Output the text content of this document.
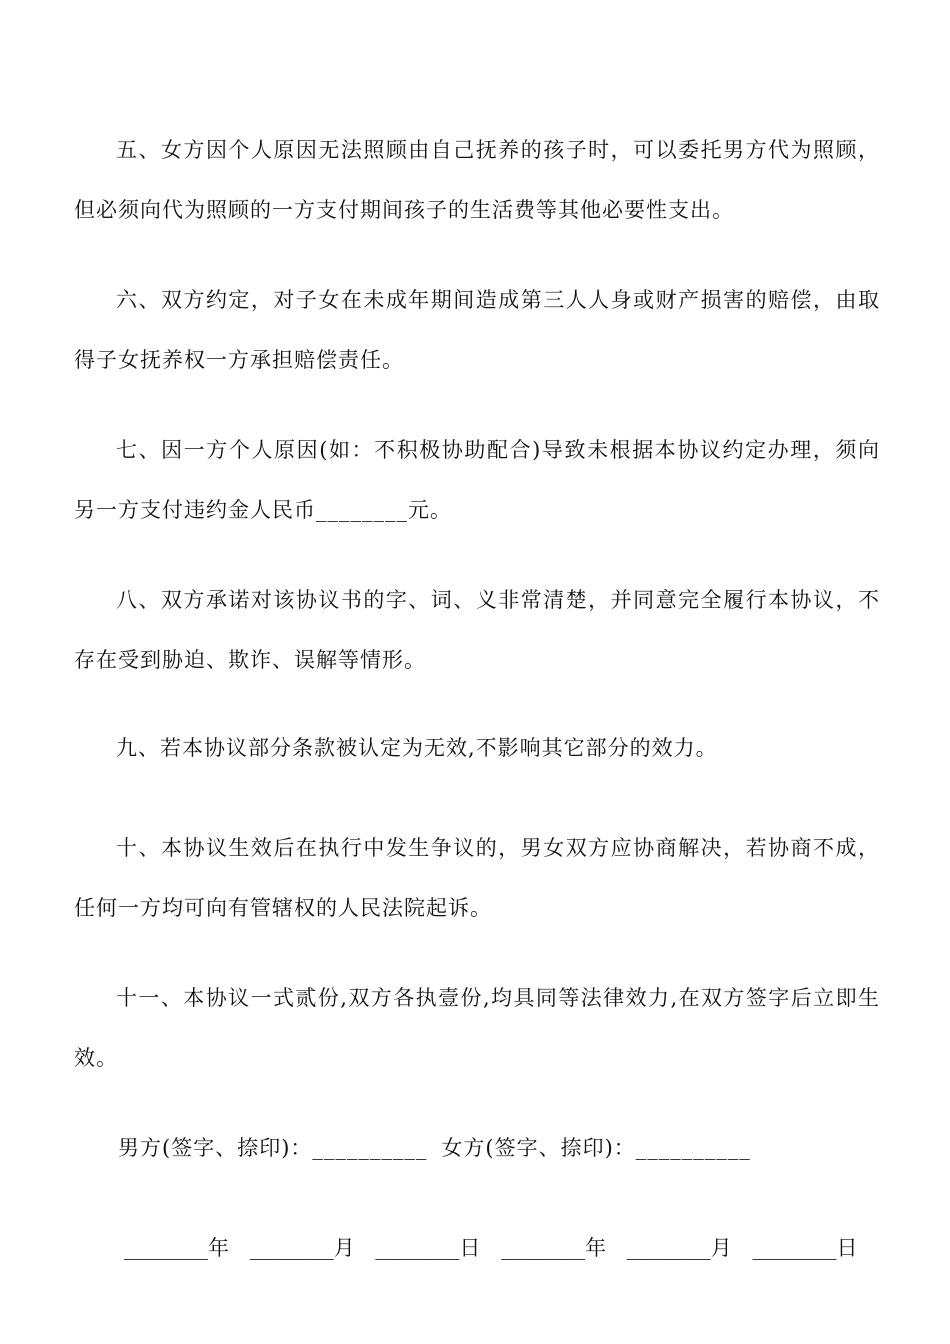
五、女方因个人原因无法照顾由自己抚养的孩子时，可以委托男方代为照顾，但必须向代为照顾的一方支付期间孩子的生活费等其他必要性支出。

六、双方约定，对子女在未成年期间造成第三人人身或财产损害的赔偿，由取得子女抚养权一方承担赔偿责任。

七、因一方个人原因(如：不积极协助配合)导致未根据本协议约定办理，须向另一方支付违约金人民币________元。

八、双方承诺对该协议书的字、词、义非常清楚，并同意完全履行本协议，不存在受到胁迫、欺诈、误解等情形。

九、若本协议部分条款被认定为无效,不影响其它部分的效力。

十、本协议生效后在执行中发生争议的，男女双方应协商解决，若协商不成，任何一方均可向有管辖权的人民法院起诉。

十一、本协议一式贰份,双方各执壹份,均具同等法律效力,在双方签字后立即生效。

男方(签字、捺印)：__________ 女方(签字、捺印)：__________
________年 ________月 ________日 ________年 ________月 ________日
